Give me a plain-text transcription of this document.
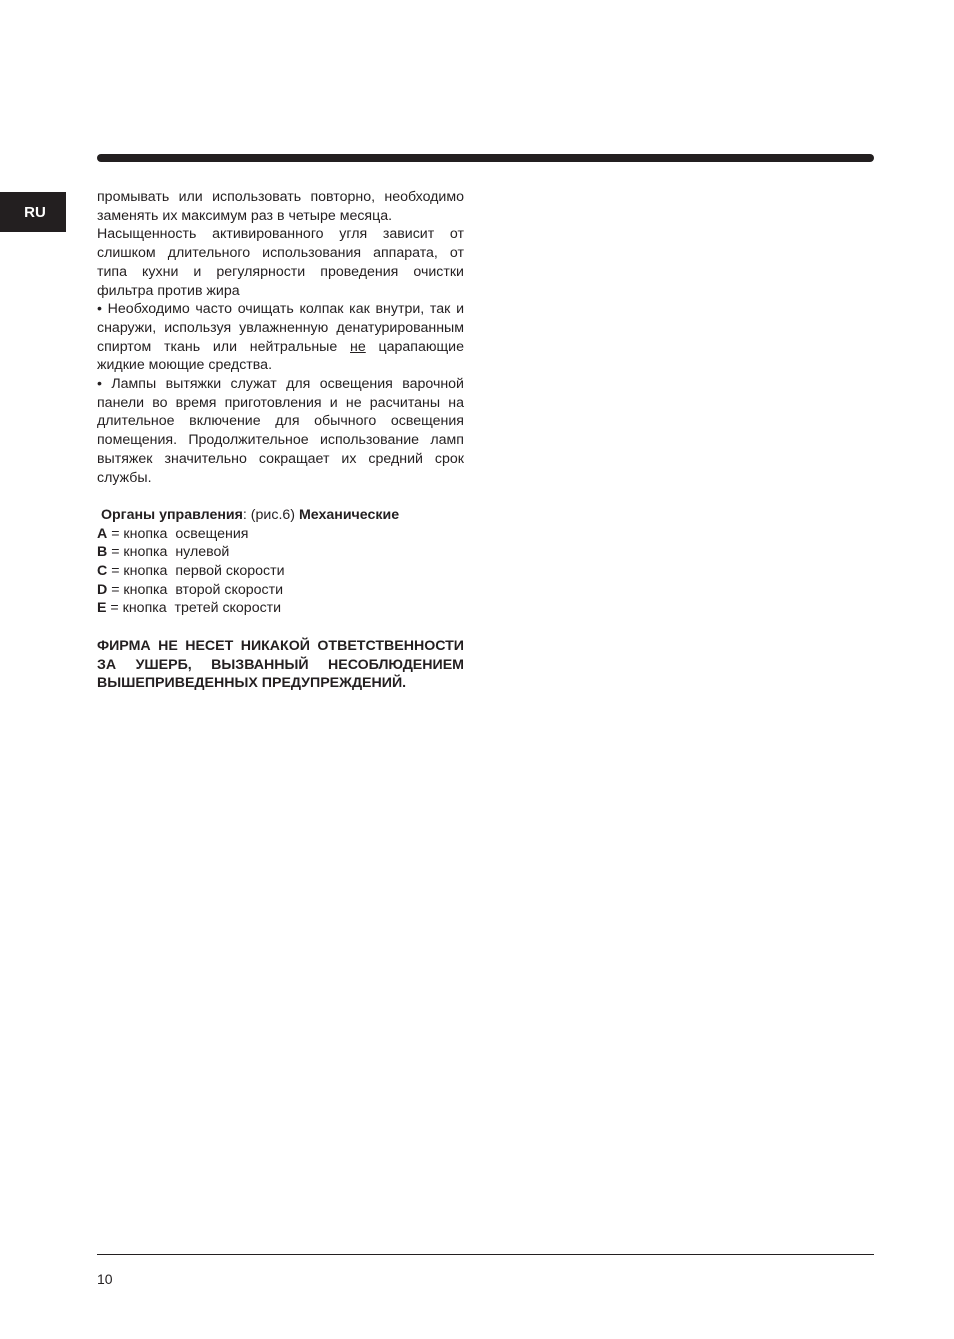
RU

промывать или использовать повторно, необходимо заменять их максимум раз в четыре месяца.

Насыщенность активированного угля зависит от слишком длительного использования аппарата, от типа кухни и регулярности проведения очистки фильтра против жира

• Необходимо часто очищать колпак как внутри, так и снаружи, используя увлажненную денатурированным спиртом ткань или нейтральные не царапающие жидкие моющие средства.

• Лампы вытяжки служат для освещения варочной панели во время приготовления и не расчитаны на длительное включение для обычного освещения помещения. Продолжительное использование ламп вытяжек значительно сокращает их средний срок службы.

Органы управления: (рис.6) Механические

A = кнопка  освещения
B = кнопка  нулевой
C = кнопка  первой скорости
D = кнопка  второй скорости
E = кнопка  третей скорости

ФИРМА НЕ НЕСЕТ НИКАКОЙ ОТВЕТСТВЕННОСТИ ЗА УШЕРБ, ВЫЗВАННЫЙ НЕСОБЛЮДЕНИЕМ ВЫШЕПРИВЕДЕННЫХ ПРЕДУПРЕЖДЕНИЙ.

10
